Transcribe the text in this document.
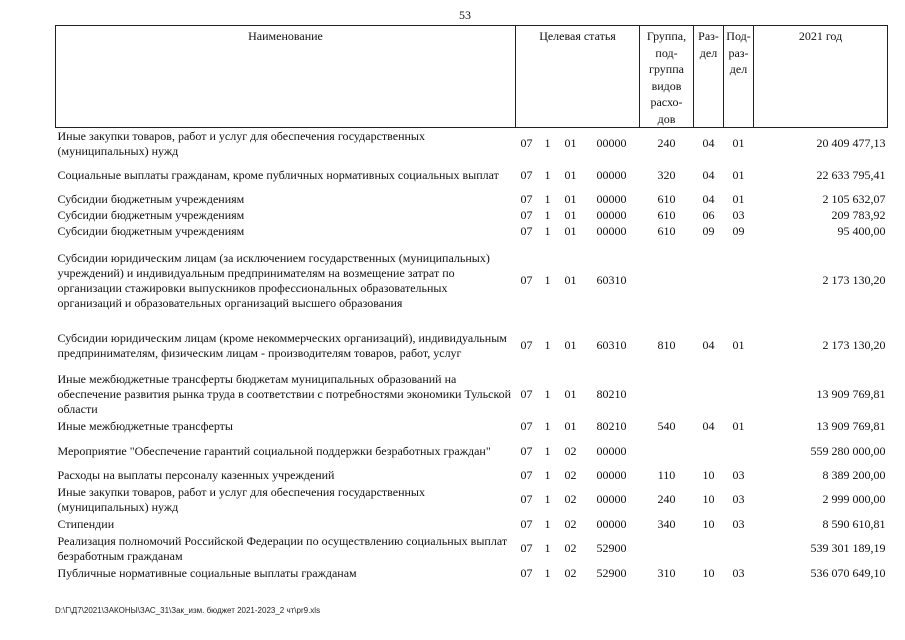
53
Наименование	Целевая статья				Группа, под-группа видов расхо-дов	Раз-дел	Под-раз-дел	2021 год
Иные закупки товаров, работ и услуг для обеспечения государственных (муниципальных) нужд	07	1	01	00000	240	04	01	20 409 477,13
Социальные выплаты гражданам, кроме публичных нормативных социальных выплат	07	1	01	00000	320	04	01	22 633 795,41
Субсидии бюджетным учреждениям	07	1	01	00000	610	04	01	2 105 632,07
Субсидии бюджетным учреждениям	07	1	01	00000	610	06	03	209 783,92
Субсидии бюджетным учреждениям	07	1	01	00000	610	09	09	95 400,00
Субсидии юридическим лицам (за исключением государственных (муниципальных) учреждений) и индивидуальным предпринимателям на возмещение затрат по организации стажировки выпускников профессиональных образовательных организаций и образовательных организаций высшего образования	07	1	01	60310				2 173 130,20
Субсидии юридическим лицам (кроме некоммерческих организаций), индивидуальным предпринимателям, физическим лицам - производителям товаров, работ, услуг	07	1	01	60310	810	04	01	2 173 130,20
Иные межбюджетные трансферты бюджетам муниципальных образований на обеспечение развития рынка труда в соответствии с потребностями экономики Тульской области	07	1	01	80210				13 909 769,81
Иные межбюджетные трансферты	07	1	01	80210	540	04	01	13 909 769,81
Мероприятие "Обеспечение гарантий социальной поддержки безработных граждан"	07	1	02	00000				559 280 000,00
Расходы на выплаты персоналу казенных учреждений	07	1	02	00000	110	10	03	8 389 200,00
Иные закупки товаров, работ и услуг для обеспечения государственных (муниципальных) нужд	07	1	02	00000	240	10	03	2 999 000,00
Стипендии	07	1	02	00000	340	10	03	8 590 610,81
Реализация полномочий Российской Федерации по осуществлению социальных выплат безработным гражданам	07	1	02	52900				539 301 189,19
Публичные нормативные социальные выплаты гражданам	07	1	02	52900	310	10	03	536 070 649,10
D:\Г\Д7\2021\ЗАКОНЫ\ЗАС_31\Зак_изм. бюджет 2021-2023_2 чт\pr9.xls
